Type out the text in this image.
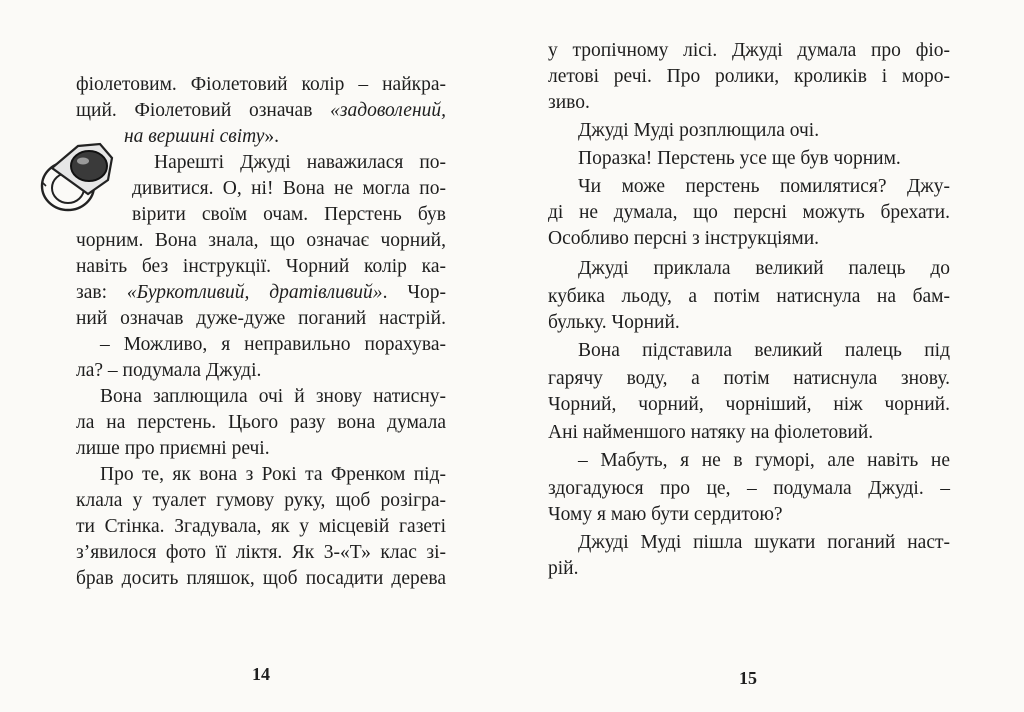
фіолетовим. Фіолетовий колір – найкра-
щий. Фіолетовий означав «задоволений,
на вершині світу».
Нарешті Джуді наважилася по-
дивитися. О, ні! Вона не могла по-
вірити своїм очам. Перстень був
чорним. Вона знала, що означає чорний,
навіть без інструкції. Чорний колір ка-
зав: «Буркотливий, дратівливий». Чор-
ний означав дуже-дуже поганий настрій.
– Можливо, я неправильно порахува-
ла? – подумала Джуді.
Вона заплющила очі й знову натисну-
ла на перстень. Цього разу вона думала
лише про приємні речі.
Про те, як вона з Рокі та Френком під-
клала у туалет гумову руку, щоб розігра-
ти Стінка. Згадувала, як у місцевій газеті
з’явилося фото її ліктя. Як 3-«Т» клас зі-
брав досить пляшок, щоб посадити дерева
14
у тропічному лісі. Джуді думала про фіо-
летові речі. Про ролики, кроликів і моро-
зиво.
Джуді Муді розплющила очі.
Поразка! Перстень усе ще був чорним.
Чи може перстень помилятися? Джу-
ді не думала, що персні можуть брехати.
Особливо персні з інструкціями.
Джуді приклала великий палець до
кубика льоду, а потім натиснула на бам-
бульку. Чорний.
Вона підставила великий палець під
гарячу воду, а потім натиснула знову.
Чорний, чорний, чорніший, ніж чорний.
Ані найменшого натяку на фіолетовий.
– Мабуть, я не в гуморі, але навіть не
здогадуюся про це, – подумала Джуді. –
Чому я маю бути сердитою?
Джуді Муді пішла шукати поганий наст-
рій.
15
